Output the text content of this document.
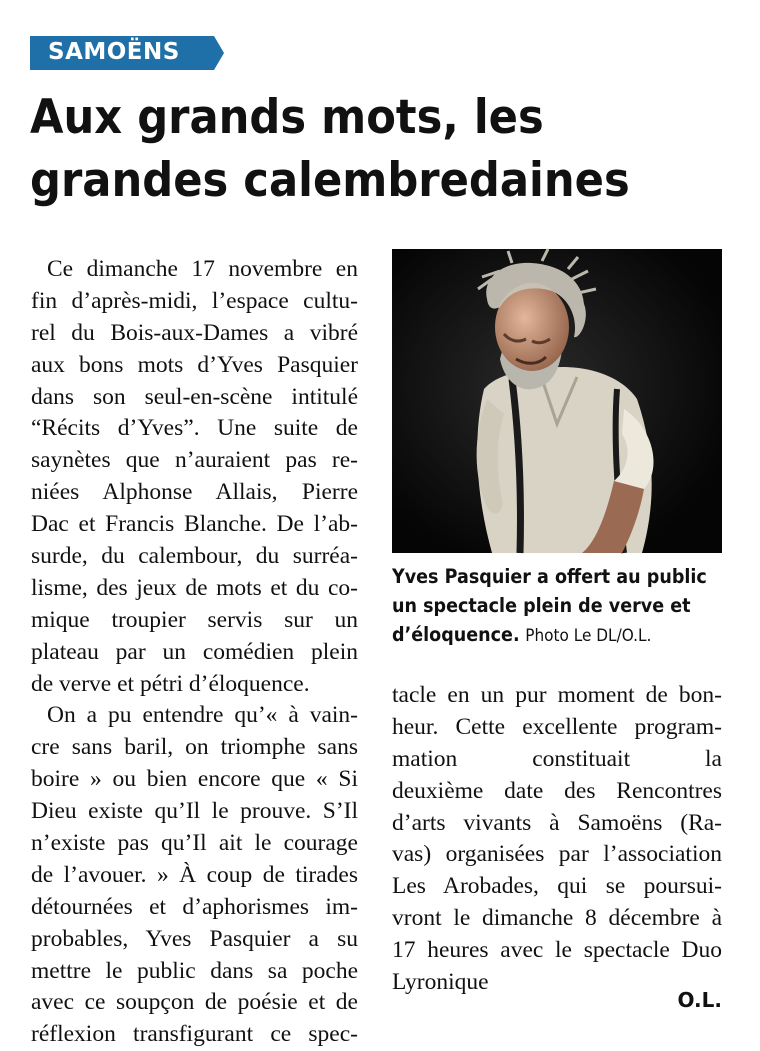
SAMOËNS
Aux grands mots, les
grandes calembredaines
Ce dimanche 17 novembre en
fin d’après-midi, l’espace cultu-
rel du Bois-aux-Dames a vibré
aux bons mots d’Yves Pasquier
dans son seul-en-scène intitulé
“Récits d’Yves”. Une suite de
saynètes que n’auraient pas re-
niées Alphonse Allais, Pierre
Dac et Francis Blanche. De l’ab-
surde, du calembour, du surréa-
lisme, des jeux de mots et du co-
mique troupier servis sur un
plateau par un comédien plein
de verve et pétri d’éloquence.
On a pu entendre qu’« à vain-
cre sans baril, on triomphe sans
boire » ou bien encore que « Si
Dieu existe qu’Il le prouve. S’Il
n’existe pas qu’Il ait le courage
de l’avouer. » À coup de tirades
détournées et d’aphorismes im-
probables, Yves Pasquier a su
mettre le public dans sa poche
avec ce soupçon de poésie et de
réflexion transfigurant ce spec-
Yves Pasquier a offert au public
un spectacle plein de verve et
d’éloquence. Photo Le DL/O.L.
tacle en un pur moment de bon-
heur. Cette excellente program-
mation constituait la
deuxième date des Rencontres
d’arts vivants à Samoëns (Ra-
vas) organisées par l’association
Les Arobades, qui se poursui-
vront le dimanche 8 décembre à
17 heures avec le spectacle Duo
Lyronique
O.L.
